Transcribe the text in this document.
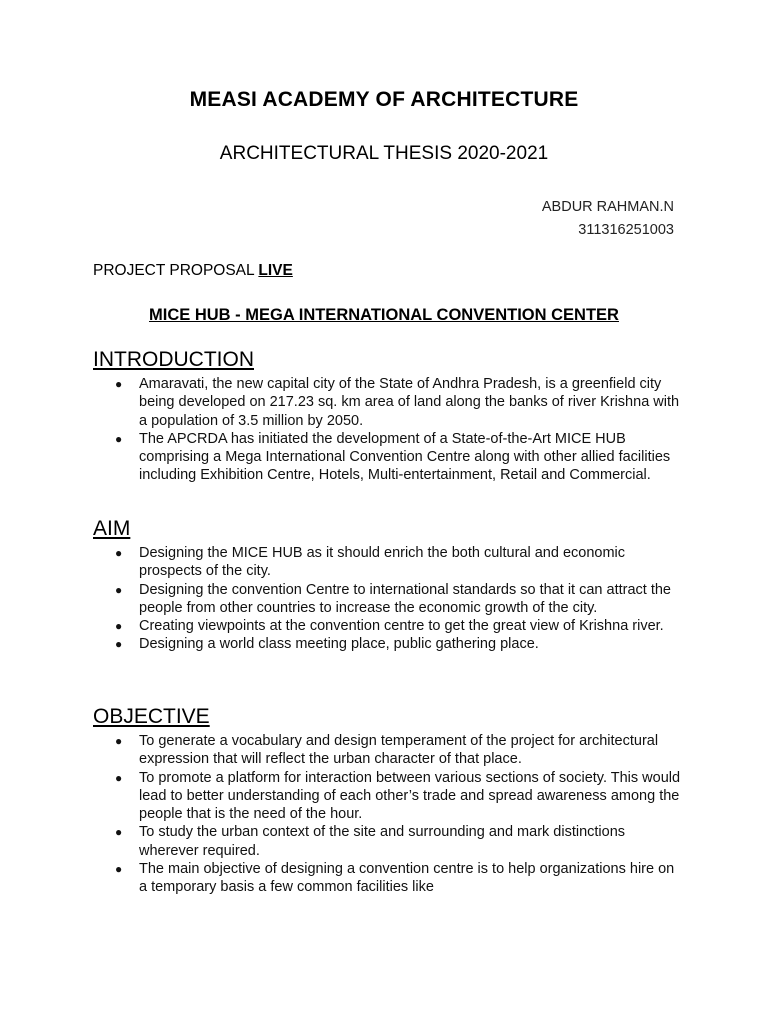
MEASI ACADEMY OF ARCHITECTURE
ARCHITECTURAL THESIS 2020-2021
ABDUR RAHMAN.N
311316251003
PROJECT PROPOSAL LIVE
MICE HUB - MEGA INTERNATIONAL CONVENTION CENTER
INTRODUCTION
● Amaravati, the new capital city of the State of Andhra Pradesh, is a greenfield city being developed on 217.23 sq. km area of land along the banks of river Krishna with a population of 3.5 million by 2050.
● The APCRDA has initiated the development of a State-of-the-Art MICE HUB comprising a Mega International Convention Centre along with other allied facilities including Exhibition Centre, Hotels, Multi-entertainment, Retail and Commercial.
AIM
● Designing the MICE HUB as it should enrich the both cultural and economic prospects of the city.
● Designing the convention Centre to international standards so that it can attract the people from other countries to increase the economic growth of the city.
● Creating viewpoints at the convention centre to get the great view of Krishna river.
● Designing a world class meeting place, public gathering place.
OBJECTIVE
● To generate a vocabulary and design temperament of the project for architectural expression that will reflect the urban character of that place.
● To promote a platform for interaction between various sections of society. This would lead to better understanding of each other’s trade and spread awareness among the people that is the need of the hour.
● To study the urban context of the site and surrounding and mark distinctions wherever required.
● The main objective of designing a convention centre is to help organizations hire on a temporary basis a few common facilities like
